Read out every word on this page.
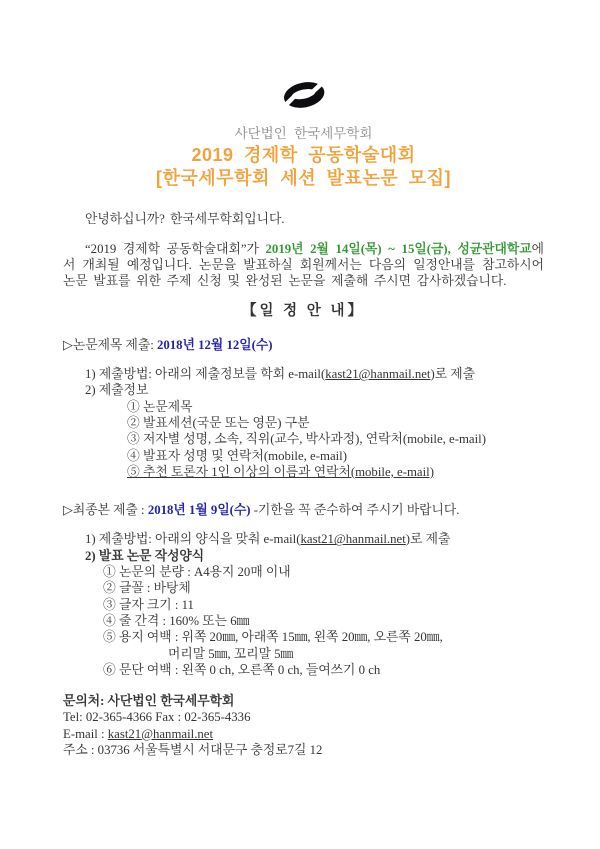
사단법인 한국세무학회
2019 경제학 공동학술대회
[한국세무학회 세션 발표논문 모집]
안녕하십니까? 한국세무학회입니다.

“2019 경제학 공동학술대회”가 2019년 2월 14일(목) ~ 15일(금), 성균관대학교에서 개최될 예정입니다. 논문을 발표하실 회원께서는 다음의 일정안내를 참고하시어 논문 발표를 위한 주제 신청 및 완성된 논문을 제출해 주시면 감사하겠습니다.

【일 정 안 내】
▷논문제목 제출: 2018년 12월 12일(수)
1) 제출방법: 아래의 제출정보를 학회 e-mail(kast21@hanmail.net)로 제출
2) 제출정보
① 논문제목
② 발표세션(국문 또는 영문) 구분
③ 저자별 성명, 소속, 직위(교수, 박사과정), 연락처(mobile, e-mail)
④ 발표자 성명 및 연락처(mobile, e-mail)
⑤ 추천 토론자 1인 이상의 이름과 연락처(mobile, e-mail)
▷최종본 제출 : 2018년 1월 9일(수) -기한을 꼭 준수하여 주시기 바랍니다.
1) 제출방법: 아래의 양식을 맞춰 e-mail(kast21@hanmail.net)로 제출
2) 발표 논문 작성양식
① 논문의 분량 : A4용지 20매 이내
② 글꼴 : 바탕체
③ 글자 크기 : 11
④ 줄 간격 : 160% 또는 6㎜
⑤ 용지 여백 : 위쪽 20㎜, 아래쪽 15㎜, 왼쪽 20㎜, 오른쪽 20㎜,
머리말 5㎜, 꼬리말 5㎜
⑥ 문단 여백 : 왼쪽 0 ch, 오른쪽 0 ch, 들여쓰기 0 ch
문의처: 사단법인 한국세무학회
Tel: 02-365-4366 Fax : 02-365-4336
E-mail : kast21@hanmail.net
주소 : 03736 서울특별시 서대문구 충정로7길 12
